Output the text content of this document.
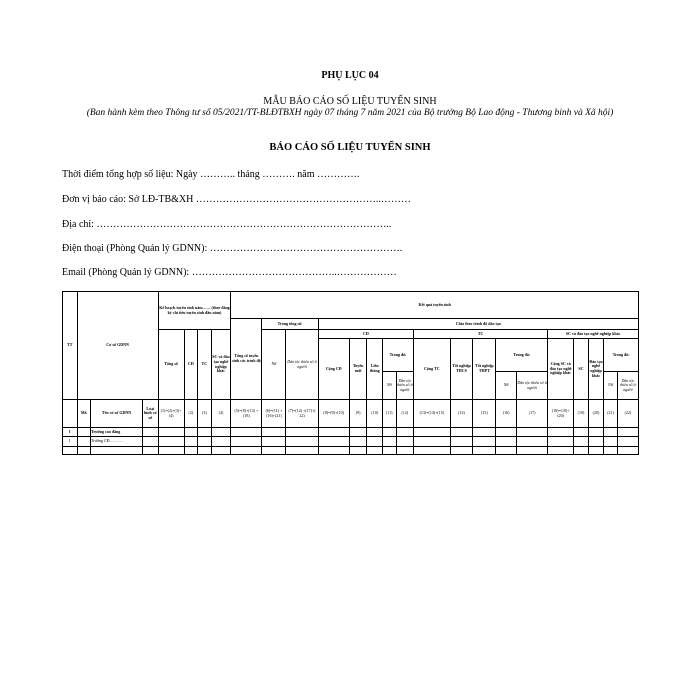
PHỤ LỤC 04
MẪU BÁO CÁO SỐ LIỆU TUYỂN SINH
(Ban hành kèm theo Thông tư số 05/2021/TT-BLĐTBXH ngày 07 tháng 7 năm 2021 của Bộ trưởng Bộ Lao động - Thương binh và Xã hội)
BÁO CÁO SỐ LIỆU TUYỂN SINH
Thời điểm tổng hợp số liệu: Ngày ……….. tháng ………. năm ………….
Đơn vị báo cáo: Sở LĐ-TB&XH ………………………………………………..………
Địa chỉ: ……………………………………………………………………………..
Điện thoại (Phòng Quản lý GDNN): ………………………………………………….
Email (Phòng Quản lý GDNN): ……………………………………..………………
TT	Cơ sở GDNN			Kế hoạch tuyển sinh năm…… (theo đăng ký chỉ tiêu tuyển sinh đầu năm)				Kết quả tuyển sinh																	
								Tổng số tuyển sinh các trình độ	Trong tổng số:		Chia theo trình độ đào tạo														
				Tổng số	CĐ	TC	SC và đào tạo nghề nghiệp khác		Nữ	Dân tộc thiểu số ít người	CĐ					TC					SC và đào tạo nghề nghiệp khác				
											Cộng CĐ	Tuyển mới	Liên thông	Trong đó:		Cộng TC	Tốt nghiệp THCS	Tốt nghiệp THPT	Trong đó:		Cộng SC và đào tạo nghề nghiệp khác	SC	Đào tạo nghề nghiệp khác	Trong đó:	
														Nữ	Dân tộc thiểu số ít người				Nữ	Dân tộc thiểu số ít người				Nữ	Dân tộc thiểu số ít người
	Mã	Tên cơ sở GDNN	Loại hình cơ sở	(1)=(2)+(3)+(4)	(2)	(3)	(4)	(5)=(8)+(13) +(18)	(6)=(11) +(16)+(21)	(7)=(12) +(17)+( 22)	(8)=(9)+(10)	(9)	(10)	(11)	(12)	(13)=(14)+(15)	(14)	(15)	(16)	(17)	(18)=(19)+ (20)	(19)	(20)	(21)	(22)
I		Trường cao đẳng																							
1		Trường CĐ……….																							
